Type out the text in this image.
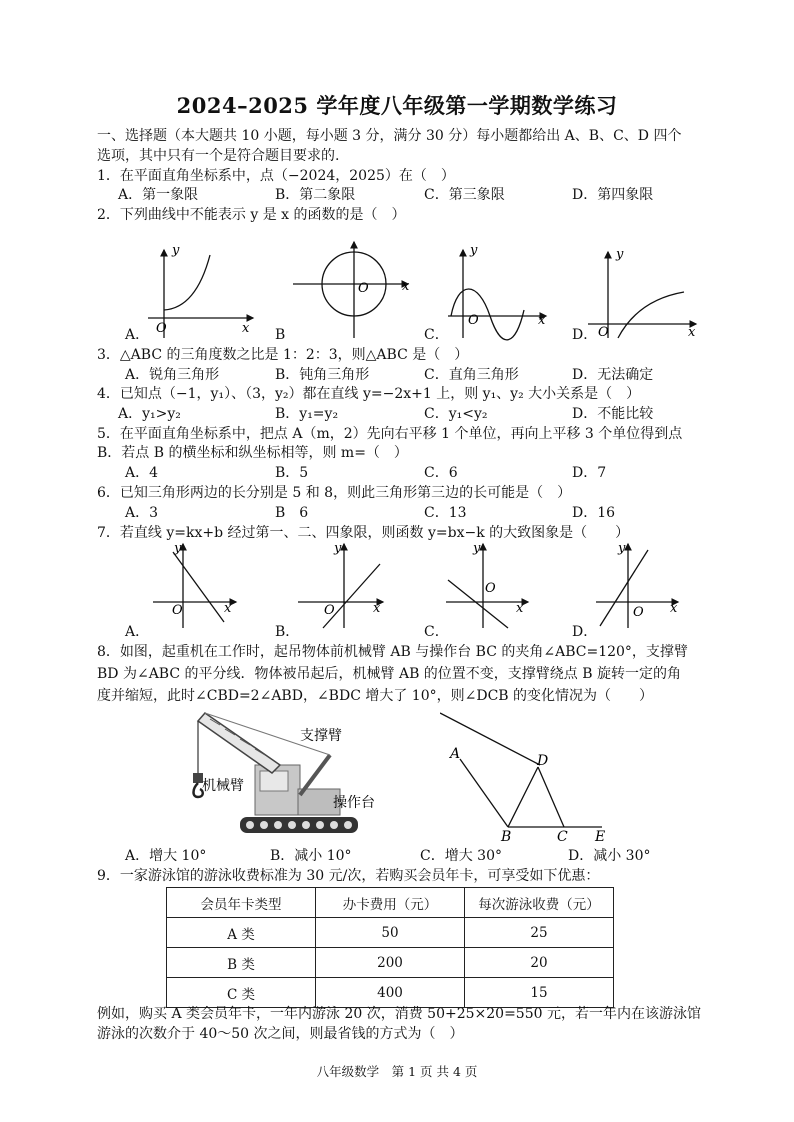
2024–2025 学年度八年级第一学期数学练习
一、选择题（本大题共 10 小题，每小题 3 分，满分 30 分）每小题都给出 A、B、C、D 四个
选项，其中只有一个是符合题目要求的.
1．在平面直角坐标系中，点（−2024，2025）在（　）
A．第一象限	B．第二象限	C．第三象限	D．第四象限
2．下列曲线中不能表示 y 是 x 的函数的是（　）
O	x
y
O	x
O	x
y
O	x
y
A．	B	C．	D．
3．△ABC 的三角度数之比是 1：2：3，则△ABC 是（　）
A．锐角三角形	B．钝角三角形	C．直角三角形	D．无法确定
4．已知点（−1，y₁）、（3，y₂）都在直线 y=−2x+1 上，则 y₁、y₂ 大小关系是（　）
A．y₁>y₂	B．y₁=y₂	C．y₁<y₂	D．不能比较
5．在平面直角坐标系中，把点 A（m，2）先向右平移 1 个单位，再向上平移 3 个单位得到点
B．若点 B 的横坐标和纵坐标相等，则 m=（　）
A．4	B．5	C．6	D．7
6．已知三角形两边的长分别是 5 和 8，则此三角形第三边的长可能是（　）
A．3	B　6	C．13	D．16
7．若直线 y=kx+b 经过第一、二、四象限，则函数 y=bx−k 的大致图象是（　　）
O	x
y
O	x
y
O
x
y
O x
y
A．	B．	C．	D．
8．如图，起重机在工作时，起吊物体前机械臂 AB 与操作台 BC 的夹角∠ABC=120°，支撑臂
BD 为∠ABC 的平分线．物体被吊起后，机械臂 AB 的位置不变，支撑臂绕点 B 旋转一定的角
度并缩短，此时∠CBD=2∠ABD，∠BDC 增大了 10°，则∠DCB 的变化情况为（　　）
支撑臂
机械臂
操作台
A
B	C
D
E
A．增大 10°	B．减小 10°	C．增大 30°	D．减小 30°
9．一家游泳馆的游泳收费标准为 30 元/次，若购买会员年卡，可享受如下优惠：
会员年卡类型	办卡费用（元）	每次游泳收费（元）
A 类	50	25
B 类	200	20
C 类	400	15
例如，购买 A 类会员年卡，一年内游泳 20 次，消费 50+25×20=550 元，若一年内在该游泳馆
游泳的次数介于 40～50 次之间，则最省钱的方式为（　）
八年级数学　第 1 页 共 4 页
